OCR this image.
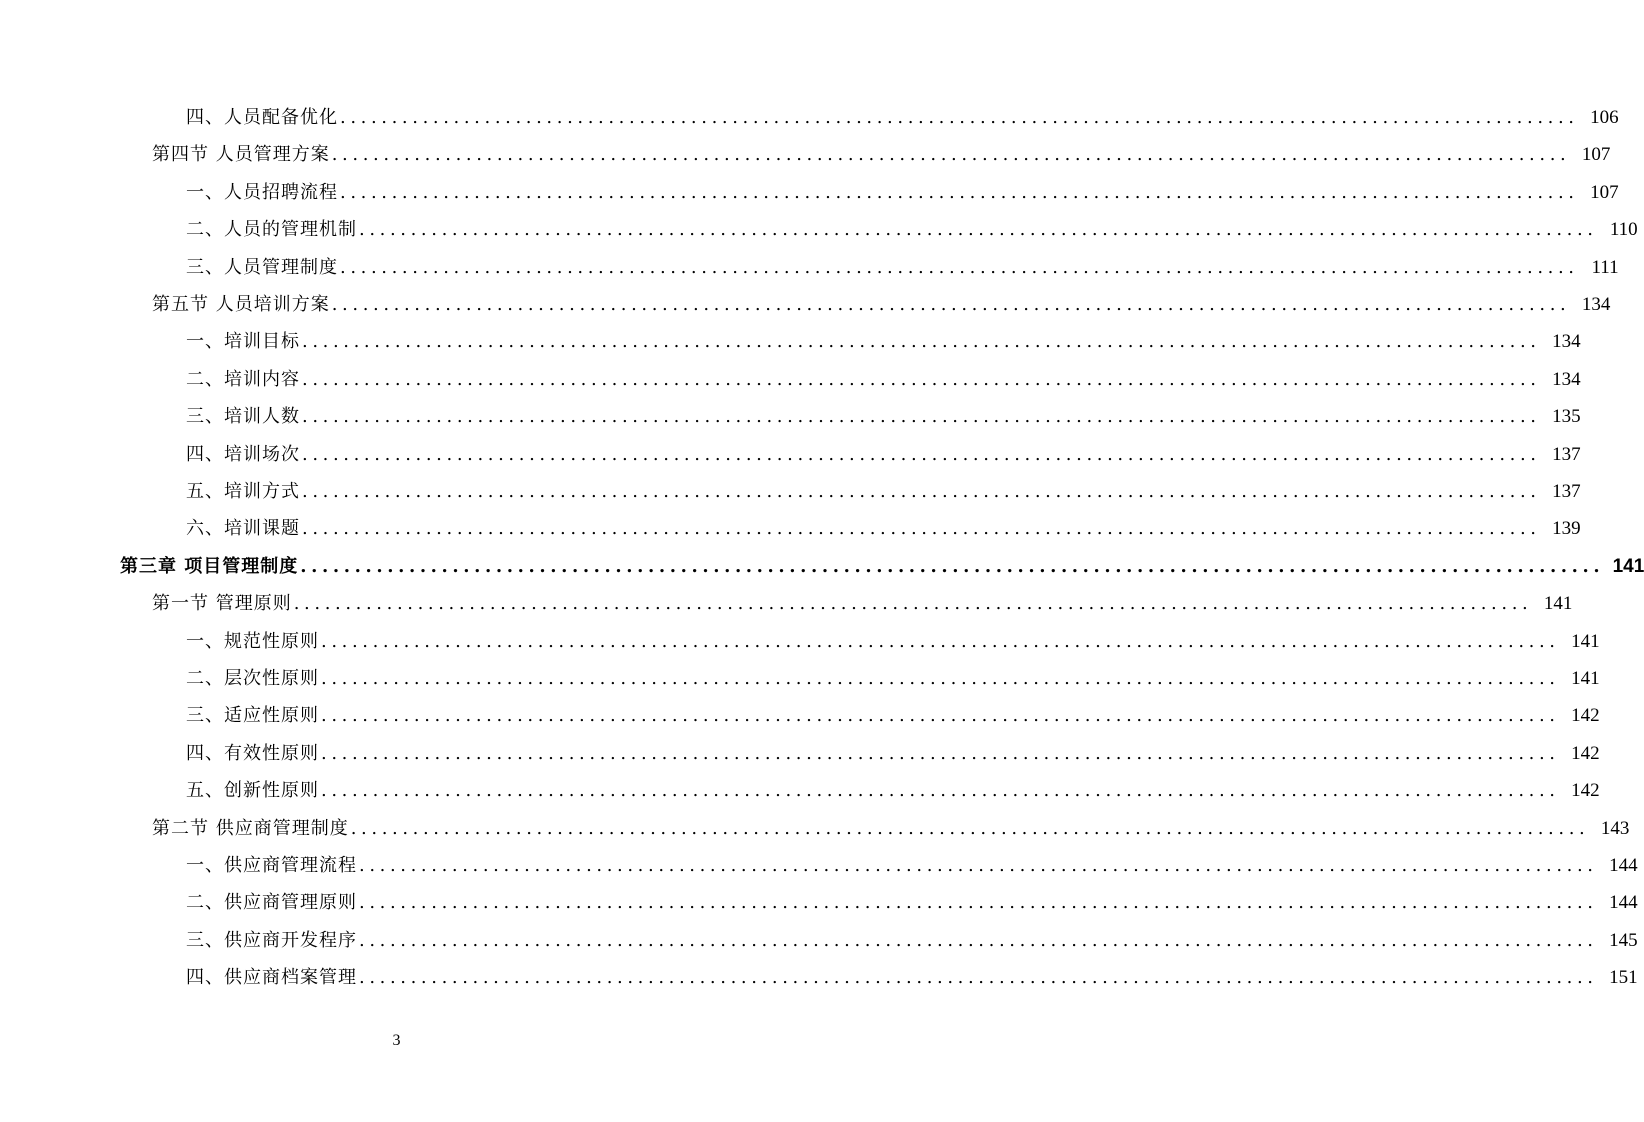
四、人员配备优化 ........................................................................................................................ 106
第四节 人员管理方案 ........................................................................................................................ 107
一、人员招聘流程 ........................................................................................................................ 107
二、人员的管理机制 ........................................................................................................................ 110
三、人员管理制度 ........................................................................................................................ 111
第五节 人员培训方案 ........................................................................................................................ 134
一、培训目标 ........................................................................................................................ 134
二、培训内容 ........................................................................................................................ 134
三、培训人数 ........................................................................................................................ 135
四、培训场次 ........................................................................................................................ 137
五、培训方式 ........................................................................................................................ 137
六、培训课题 ........................................................................................................................ 139
第三章 项目管理制度 ........................................................................................................................ 141
第一节 管理原则 ........................................................................................................................ 141
一、规范性原则 ........................................................................................................................ 141
二、层次性原则 ........................................................................................................................ 141
三、适应性原则 ........................................................................................................................ 142
四、有效性原则 ........................................................................................................................ 142
五、创新性原则 ........................................................................................................................ 142
第二节 供应商管理制度 ........................................................................................................................ 143
一、供应商管理流程 ........................................................................................................................ 144
二、供应商管理原则 ........................................................................................................................ 144
三、供应商开发程序 ........................................................................................................................ 145
四、供应商档案管理 ........................................................................................................................ 151
3
